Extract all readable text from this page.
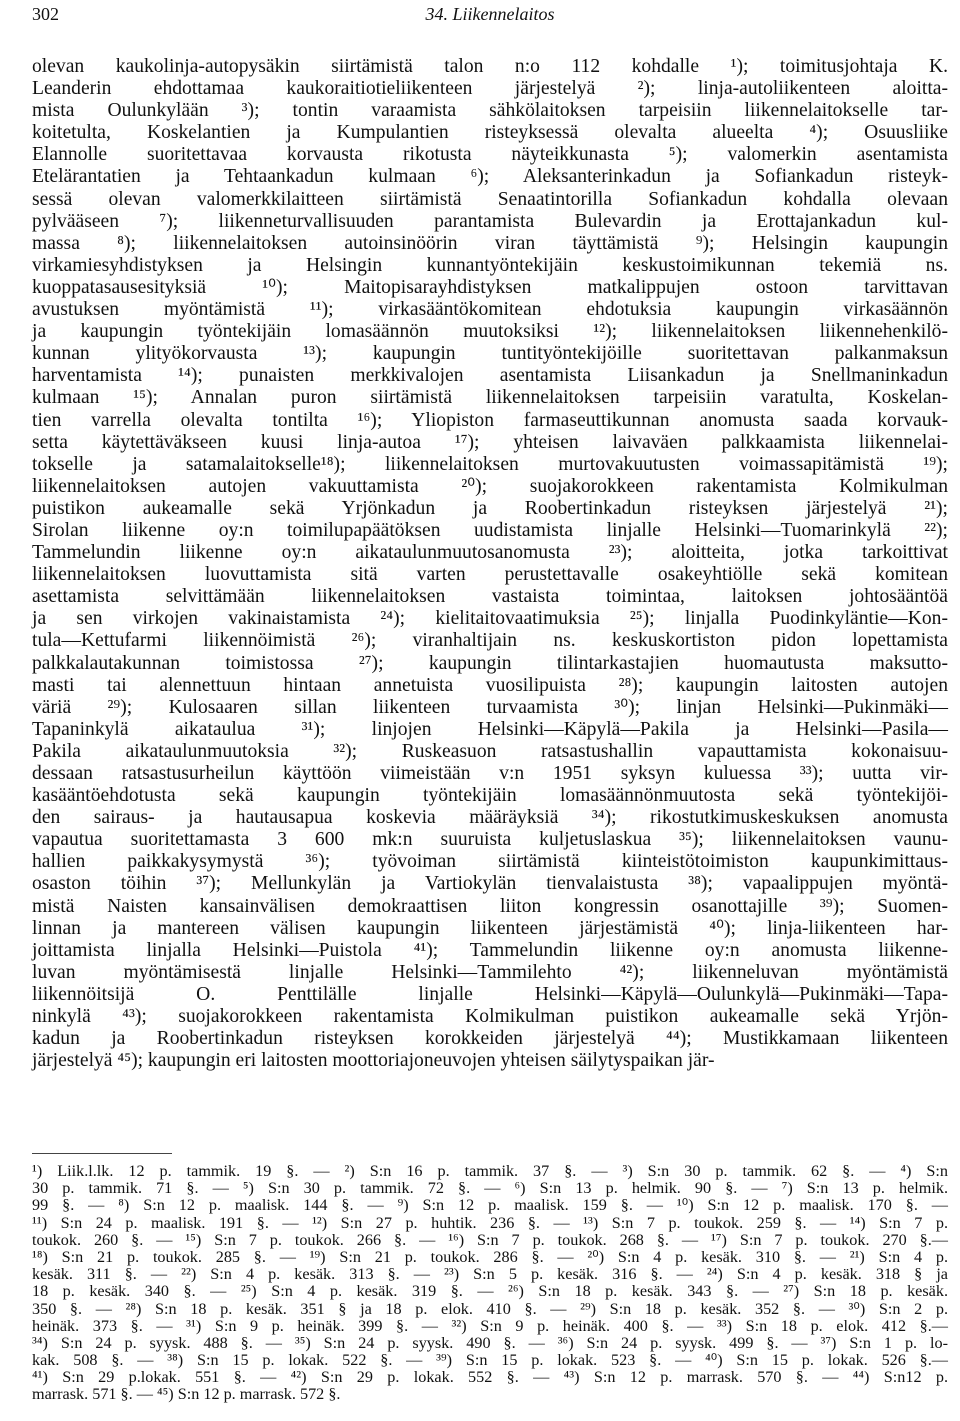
302	34. Liikennelaitos
olevan kaukolinja-autopysäkin siirtämistä talon n:o 112 kohdalle ¹); toimitusjohtaja K.
Leanderin ehdottamaa kaukoraitiotieliikenteen järjestelyä ²); linja-autoliikenteen aloitta-
mista Oulunkylään ³); tontin varaamista sähkölaitoksen tarpeisiin liikennelaitokselle tar-
koitetulta, Koskelantien ja Kumpulantien risteyksessä olevalta alueelta ⁴); Osuusliike
Elannolle suoritettavaa korvausta rikotusta näyteikkunasta ⁵); valomerkin asentamista
Etelärantatien ja Tehtaankadun kulmaan ⁶); Aleksanterinkadun ja Sofiankadun risteyk-
sessä olevan valomerkkilaitteen siirtämistä Senaatintorilla Sofiankadun kohdalla olevaan
pylvääseen ⁷); liikenneturvallisuuden parantamista Bulevardin ja Erottajankadun kul-
massa ⁸); liikennelaitoksen autoinsinöörin viran täyttämistä ⁹); Helsingin kaupungin
virkamiesyhdistyksen ja Helsingin kunnantyöntekijäin keskustoimikunnan tekemiä ns.
kuoppatasausesityksiä ¹⁰); Maitopisarayhdistyksen matkalippujen ostoon tarvittavan
avustuksen myöntämistä ¹¹); virkasääntökomitean ehdotuksia kaupungin virkasäännön
ja kaupungin työntekijäin lomasäännön muutoksiksi ¹²); liikennelaitoksen liikennehenkilö-
kunnan ylityökorvausta ¹³); kaupungin tuntityöntekijöille suoritettavan palkanmaksun
harventamista ¹⁴); punaisten merkkivalojen asentamista Liisankadun ja Snellmaninkadun
kulmaan ¹⁵); Annalan puron siirtämistä liikennelaitoksen tarpeisiin varatulta, Koskelan-
tien varrella olevalta tontilta ¹⁶); Yliopiston farmaseuttikunnan anomusta saada korvauk-
setta käytettäväkseen kuusi linja-autoa ¹⁷); yhteisen laivaväen palkkaamista liikennelai-
tokselle ja satamalaitokselle¹⁸); liikennelaitoksen murtovakuutusten voimassapitämistä ¹⁹);
liikennelaitoksen autojen vakuuttamista ²⁰); suojakorokkeen rakentamista Kolmikulman
puistikon aukeamalle sekä Yrjönkadun ja Roobertinkadun risteyksen järjestelyä ²¹);
Sirolan liikenne oy:n toimilupapäätöksen uudistamista linjalle Helsinki—Tuomarinkylä ²²);
Tammelundin liikenne oy:n aikataulunmuutosanomusta ²³); aloitteita, jotka tarkoittivat
liikennelaitoksen luovuttamista sitä varten perustettavalle osakeyhtiölle sekä komitean
asettamista selvittämään liikennelaitoksen vastaista toimintaa, laitoksen johtosääntöä
ja sen virkojen vakinaistamista ²⁴); kielitaitovaatimuksia ²⁵); linjalla Puodinkyläntie—Kon-
tula—Kettufarmi liikennöimistä ²⁶); viranhaltijain ns. keskuskortiston pidon lopettamista
palkkalautakunnan toimistossa ²⁷); kaupungin tilintarkastajien huomautusta maksutto-
masti tai alennettuun hintaan annetuista vuosilipuista ²⁸); kaupungin laitosten autojen
väriä ²⁹); Kulosaaren sillan liikenteen turvaamista ³⁰); linjan Helsinki—Pukinmäki—
Tapaninkylä aikataulua ³¹); linjojen Helsinki—Käpylä—Pakila ja Helsinki—Pasila—
Pakila aikataulunmuutoksia ³²); Ruskeasuon ratsastushallin vapauttamista kokonaisuu-
dessaan ratsastusurheilun käyttöön viimeistään v:n 1951 syksyn kuluessa ³³); uutta vir-
kasääntöehdotusta sekä kaupungin työntekijäin lomasäännönmuutosta sekä työntekijöi-
den sairaus- ja hautausapua koskevia määräyksiä ³⁴); rikostutkimuskeskuksen anomusta
vapautua suoritettamasta 3 600 mk:n suuruista kuljetuslaskua ³⁵); liikennelaitoksen vaunu-
hallien paikkakysymystä ³⁶); työvoiman siirtämistä kiinteistötoimiston kaupunkimittaus-
osaston töihin ³⁷); Mellunkylän ja Vartiokylän tienvalaistusta ³⁸); vapaalippujen myöntä-
mistä Naisten kansainvälisen demokraattisen liiton kongressin osanottajille ³⁹); Suomen-
linnan ja mantereen välisen kaupungin liikenteen järjestämistä ⁴⁰); linja-liikenteen har-
joittamista linjalla Helsinki—Puistola ⁴¹); Tammelundin liikenne oy:n anomusta liikenne-
luvan myöntämisestä linjalle Helsinki—Tammilehto ⁴²); liikenneluvan myöntämistä
liikennöitsijä O. Penttilälle linjalle Helsinki—Käpylä—Oulunkylä—Pukinmäki—Tapa-
ninkylä ⁴³); suojakorokkeen rakentamista Kolmikulman puistikon aukeamalle sekä Yrjön-
kadun ja Roobertinkadun risteyksen korokkeiden järjestelyä ⁴⁴); Mustikkamaan liikenteen
järjestelyä ⁴⁵); kaupungin eri laitosten moottoriajoneuvojen yhteisen säilytyspaikan jär-
¹) Liik.l.lk. 12 p. tammik. 19 §. — ²) S:n 16 p. tammik. 37 §. — ³) S:n 30 p. tammik. 62 §. — ⁴) S:n
30 p. tammik. 71 §. — ⁵) S:n 30 p. tammik. 72 §. — ⁶) S:n 13 p. helmik. 90 §. — ⁷) S:n 13 p. helmik.
99 §. — ⁸) S:n 12 p. maalisk. 144 §. — ⁹) S:n 12 p. maalisk. 159 §. — ¹⁰) S:n 12 p. maalisk. 170 §. —
¹¹) S:n 24 p. maalisk. 191 §. — ¹²) S:n 27 p. huhtik. 236 §. — ¹³) S:n 7 p. toukok. 259 §. — ¹⁴) S:n 7 p.
toukok. 260 §. — ¹⁵) S:n 7 p. toukok. 266 §. — ¹⁶) S:n 7 p. toukok. 268 §. — ¹⁷) S:n 7 p. toukok. 270 §.—
¹⁸) S:n 21 p. toukok. 285 §. — ¹⁹) S:n 21 p. toukok. 286 §. — ²⁰) S:n 4 p. kesäk. 310 §. — ²¹) S:n 4 p.
kesäk. 311 §. — ²²) S:n 4 p. kesäk. 313 §. — ²³) S:n 5 p. kesäk. 316 §. — ²⁴) S:n 4 p. kesäk. 318 § ja
18 p. kesäk. 340 §. — ²⁵) S:n 4 p. kesäk. 319 §. — ²⁶) S:n 18 p. kesäk. 343 §. — ²⁷) S:n 18 p. kesäk.
350 §. — ²⁸) S:n 18 p. kesäk. 351 § ja 18 p. elok. 410 §. — ²⁹) S:n 18 p. kesäk. 352 §. — ³⁰) S:n 2 p.
heinäk. 373 §. — ³¹) S:n 9 p. heinäk. 399 §. — ³²) S:n 9 p. heinäk. 400 §. — ³³) S:n 18 p. elok. 412 §.—
³⁴) S:n 24 p. syysk. 488 §. — ³⁵) S:n 24 p. syysk. 490 §. — ³⁶) S:n 24 p. syysk. 499 §. — ³⁷) S:n 1 p. lo-
kak. 508 §. — ³⁸) S:n 15 p. lokak. 522 §. — ³⁹) S:n 15 p. lokak. 523 §. — ⁴⁰) S:n 15 p. lokak. 526 §.—
⁴¹) S:n 29 p.lokak. 551 §. — ⁴²) S:n 29 p. lokak. 552 §. — ⁴³) S:n 12 p. marrask. 570 §. — ⁴⁴) S:n12 p.
marrask. 571 §. — ⁴⁵) S:n 12 p. marrask. 572 §.
